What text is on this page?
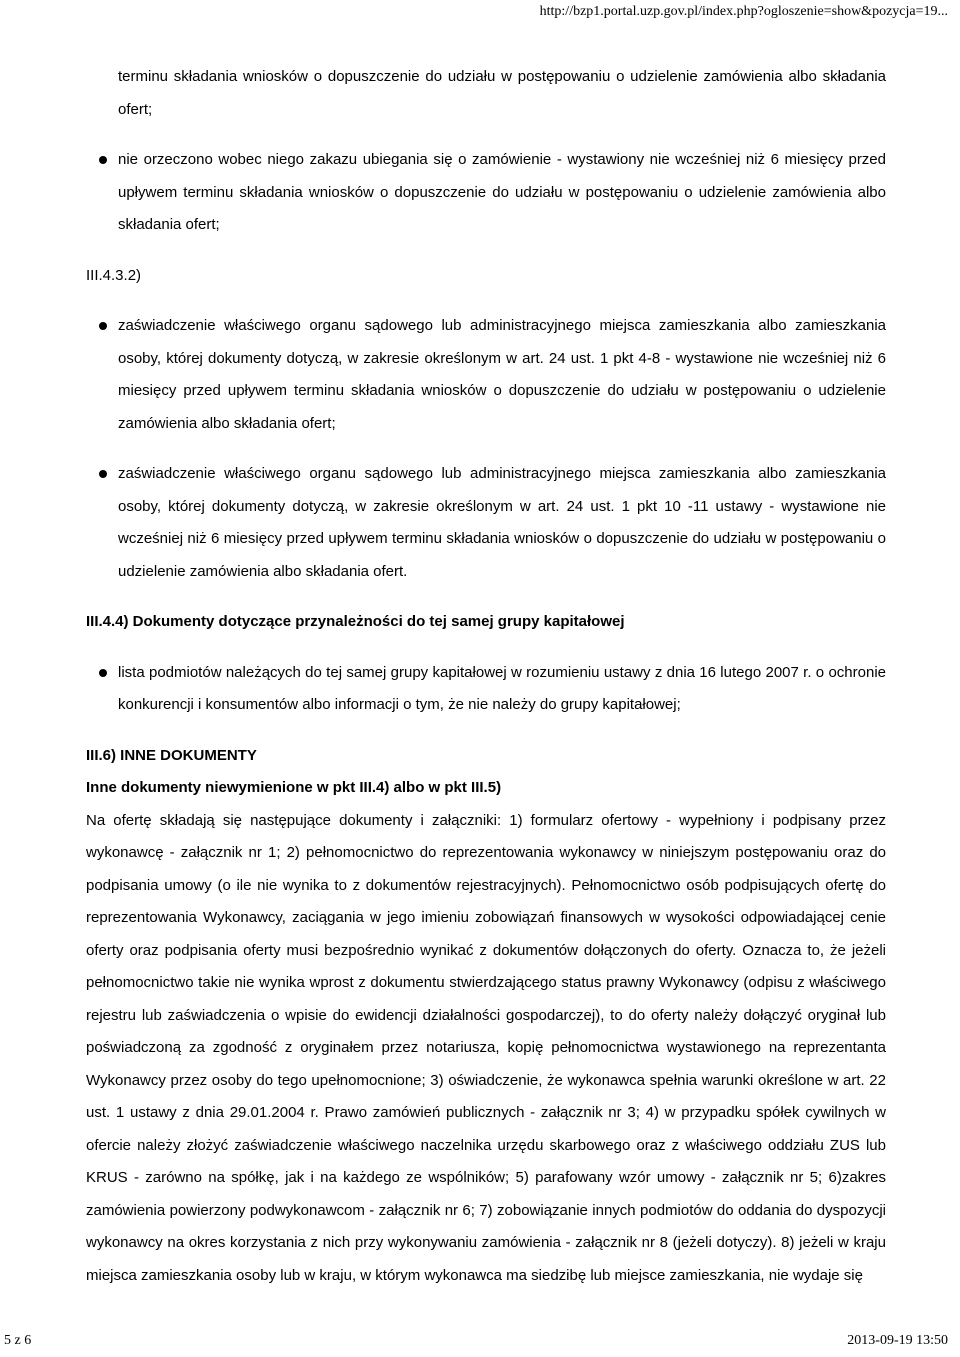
http://bzp1.portal.uzp.gov.pl/index.php?ogloszenie=show&pozycja=19...

terminu składania wniosków o dopuszczenie do udziału w postępowaniu o udzielenie zamówienia albo składania ofert;

nie orzeczono wobec niego zakazu ubiegania się o zamówienie - wystawiony nie wcześniej niż 6 miesięcy przed upływem terminu składania wniosków o dopuszczenie do udziału w postępowaniu o udzielenie zamówienia albo składania ofert;

III.4.3.2)

zaświadczenie właściwego organu sądowego lub administracyjnego miejsca zamieszkania albo zamieszkania osoby, której dokumenty dotyczą, w zakresie określonym w art. 24 ust. 1 pkt 4-8 - wystawione nie wcześniej niż 6 miesięcy przed upływem terminu składania wniosków o dopuszczenie do udziału w postępowaniu o udzielenie zamówienia albo składania ofert;

zaświadczenie właściwego organu sądowego lub administracyjnego miejsca zamieszkania albo zamieszkania osoby, której dokumenty dotyczą, w zakresie określonym w art. 24 ust. 1 pkt 10 -11 ustawy - wystawione nie wcześniej niż 6 miesięcy przed upływem terminu składania wniosków o dopuszczenie do udziału w postępowaniu o udzielenie zamówienia albo składania ofert.

III.4.4) Dokumenty dotyczące przynależności do tej samej grupy kapitałowej

lista podmiotów należących do tej samej grupy kapitałowej w rozumieniu ustawy z dnia 16 lutego 2007 r. o ochronie konkurencji i konsumentów albo informacji o tym, że nie należy do grupy kapitałowej;

III.6) INNE DOKUMENTY

Inne dokumenty niewymienione w pkt III.4) albo w pkt III.5)

Na ofertę składają się następujące dokumenty i załączniki: 1) formularz ofertowy - wypełniony i podpisany przez wykonawcę - załącznik nr 1; 2) pełnomocnictwo do reprezentowania wykonawcy w niniejszym postępowaniu oraz do podpisania umowy (o ile nie wynika to z dokumentów rejestracyjnych). Pełnomocnictwo osób podpisujących ofertę do reprezentowania Wykonawcy, zaciągania w jego imieniu zobowiązań finansowych w wysokości odpowiadającej cenie oferty oraz podpisania oferty musi bezpośrednio wynikać z dokumentów dołączonych do oferty. Oznacza to, że jeżeli pełnomocnictwo takie nie wynika wprost z dokumentu stwierdzającego status prawny Wykonawcy (odpisu z właściwego rejestru lub zaświadczenia o wpisie do ewidencji działalności gospodarczej), to do oferty należy dołączyć oryginał lub poświadczoną za zgodność z oryginałem przez notariusza, kopię pełnomocnictwa wystawionego na reprezentanta Wykonawcy przez osoby do tego upełnomocnione; 3) oświadczenie, że wykonawca spełnia warunki określone w art. 22 ust. 1 ustawy z dnia 29.01.2004 r. Prawo zamówień publicznych - załącznik nr 3; 4) w przypadku spółek cywilnych w ofercie należy złożyć zaświadczenie właściwego naczelnika urzędu skarbowego oraz z właściwego oddziału ZUS lub KRUS - zarówno na spółkę, jak i na każdego ze wspólników; 5) parafowany wzór umowy - załącznik nr 5; 6)zakres zamówienia powierzony podwykonawcom - załącznik nr 6; 7) zobowiązanie innych podmiotów do oddania do dyspozycji wykonawcy na okres korzystania z nich przy wykonywaniu zamówienia - załącznik nr 8 (jeżeli dotyczy). 8) jeżeli w kraju miejsca zamieszkania osoby lub w kraju, w którym wykonawca ma siedzibę lub miejsce zamieszkania, nie wydaje się

5 z 6	2013-09-19 13:50
